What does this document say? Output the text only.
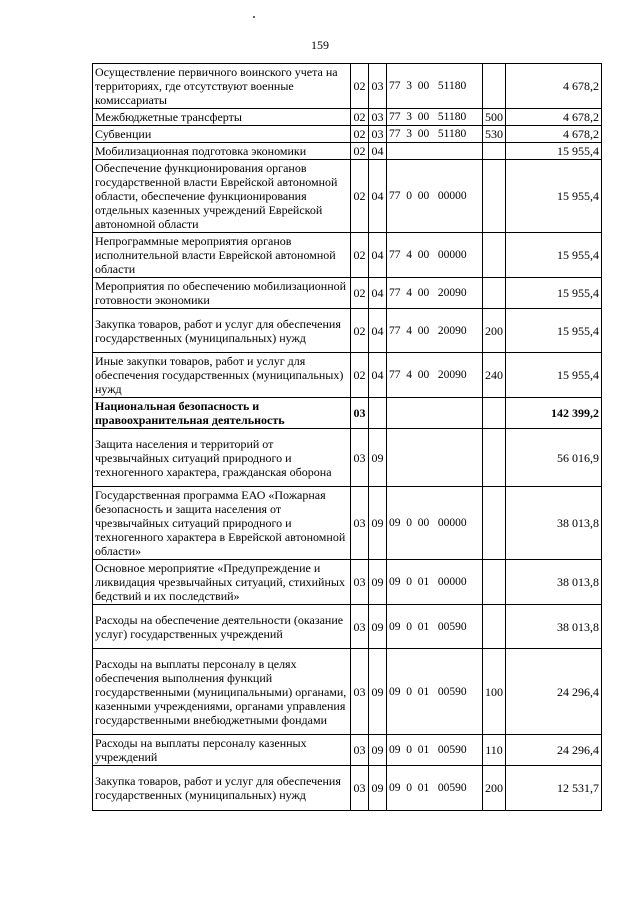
159
Осуществление первичного воинского учета на территориях, где отсутствуют военные комиссариаты	02	03	77  3  00   51180		4 678,2
Межбюджетные трансферты	02	03	77  3  00   51180	500	4 678,2
Субвенции	02	03	77  3  00   51180	530	4 678,2
Мобилизационная подготовка экономики	02	04			15 955,4
Обеспечение функционирования органов государственной власти Еврейской автономной области, обеспечение функционирования отдельных казенных учреждений Еврейской автономной области	02	04	77  0  00   00000		15 955,4
Непрограммные мероприятия органов исполнительной власти Еврейской автономной области	02	04	77  4  00   00000		15 955,4
Мероприятия по обеспечению мобилизационной готовности экономики	02	04	77  4  00   20090		15 955,4
Закупка товаров, работ и услуг для обеспечения государственных (муниципальных) нужд	02	04	77  4  00   20090	200	15 955,4
Иные закупки товаров, работ и услуг для обеспечения государственных (муниципальных) нужд	02	04	77  4  00   20090	240	15 955,4
Национальная безопасность и правоохранительная деятельность	03				142 399,2
Защита населения и территорий от чрезвычайных ситуаций природного и техногенного характера, гражданская оборона	03	09			56 016,9
Государственная программа ЕАО «Пожарная безопасность и защита населения от чрезвычайных ситуаций природного и техногенного характера в Еврейской автономной области»	03	09	09  0  00   00000		38 013,8
Основное мероприятие «Предупреждение и ликвидация чрезвычайных ситуаций, стихийных бедствий и их последствий»	03	09	09  0  01   00000		38 013,8
Расходы на обеспечение деятельности (оказание услуг) государственных учреждений	03	09	09  0  01   00590		38 013,8
Расходы на выплаты персоналу в целях обеспечения выполнения функций государственными (муниципальными) органами, казенными учреждениями, органами управления государственными внебюджетными фондами	03	09	09  0  01   00590	100	24 296,4
Расходы на выплаты персоналу казенных учреждений	03	09	09  0  01   00590	110	24 296,4
Закупка товаров, работ и услуг для обеспечения государственных (муниципальных) нужд	03	09	09  0  01   00590	200	12 531,7
